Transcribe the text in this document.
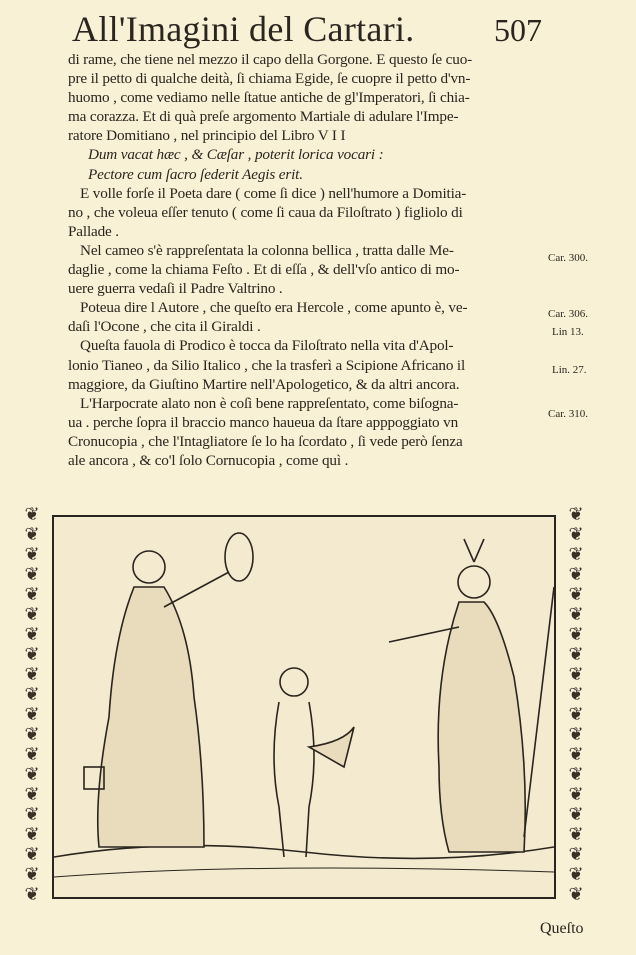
All'Imagini del Cartari. 507
di rame, che tiene nel mezzo il capo della Gorgone. E questo ſe cuo-
pre il petto di qualche deità, ſi chiama Egide, ſe cuopre il petto d'vn-
huomo , come vediamo nelle ſtatue antiche de gl'Imperatori, ſi chia-
ma corazza. Et di quà preſe argomento Martiale di adulare l'Impe-
ratore Domitiano , nel principio del Libro V I I
Dum vacat hæc , & Cæſar , poterit lorica vocari :
Pectore cum ſacro ſederit Aegis erit.
E volle forſe il Poeta dare ( come ſi dice ) nell'humore a Domitia-
no , che voleua eſſer tenuto ( come ſi caua da Filoſtrato ) figliolo di
Pallade .
Nel cameo s'è rappreſentata la colonna bellica , tratta dalle Me-
daglie , come la chiama Feſto . Et di eſſa , & dell'vſo antico di mo-
uere guerra vedaſi il Padre Valtrino .
Poteua dire l Autore , che queſto era Hercole , come apunto è, ve-
daſi l'Ocone , che cita il Giraldi .
Queſta fauola di Prodico è tocca da Filoſtrato nella vita d'Apol-
lonio Tianeo , da Silio Italico , che la trasferì a Scipione Africano il
maggiore, da Giuſtino Martire nell'Apologetico, & da altri ancora.
L'Harpocrate alato non è coſì bene rappreſentato, come biſogna-
ua . perche ſopra il braccio manco haueua da ſtare apppoggiato vn
Cronucopia , che l'Intagliatore ſe lo ha ſcordato , ſi vede però ſenza
ale ancora , & co'l ſolo Cornucopia , come quì .
Car. 300.
Car. 306.
Lin 13.
Lin. 27.
Car. 310.
❦
❦
❦
❦
❦
❦
❦
❦
❦
❦
❦
❦
❦
❦
❦
❦
❦
❦
❦
❦
❦
❦
❦
❦
❦
❦
❦
❦
❦
❦
❦
❦
❦
❦
❦
❦
❦
❦
❦
❦
Queſto
